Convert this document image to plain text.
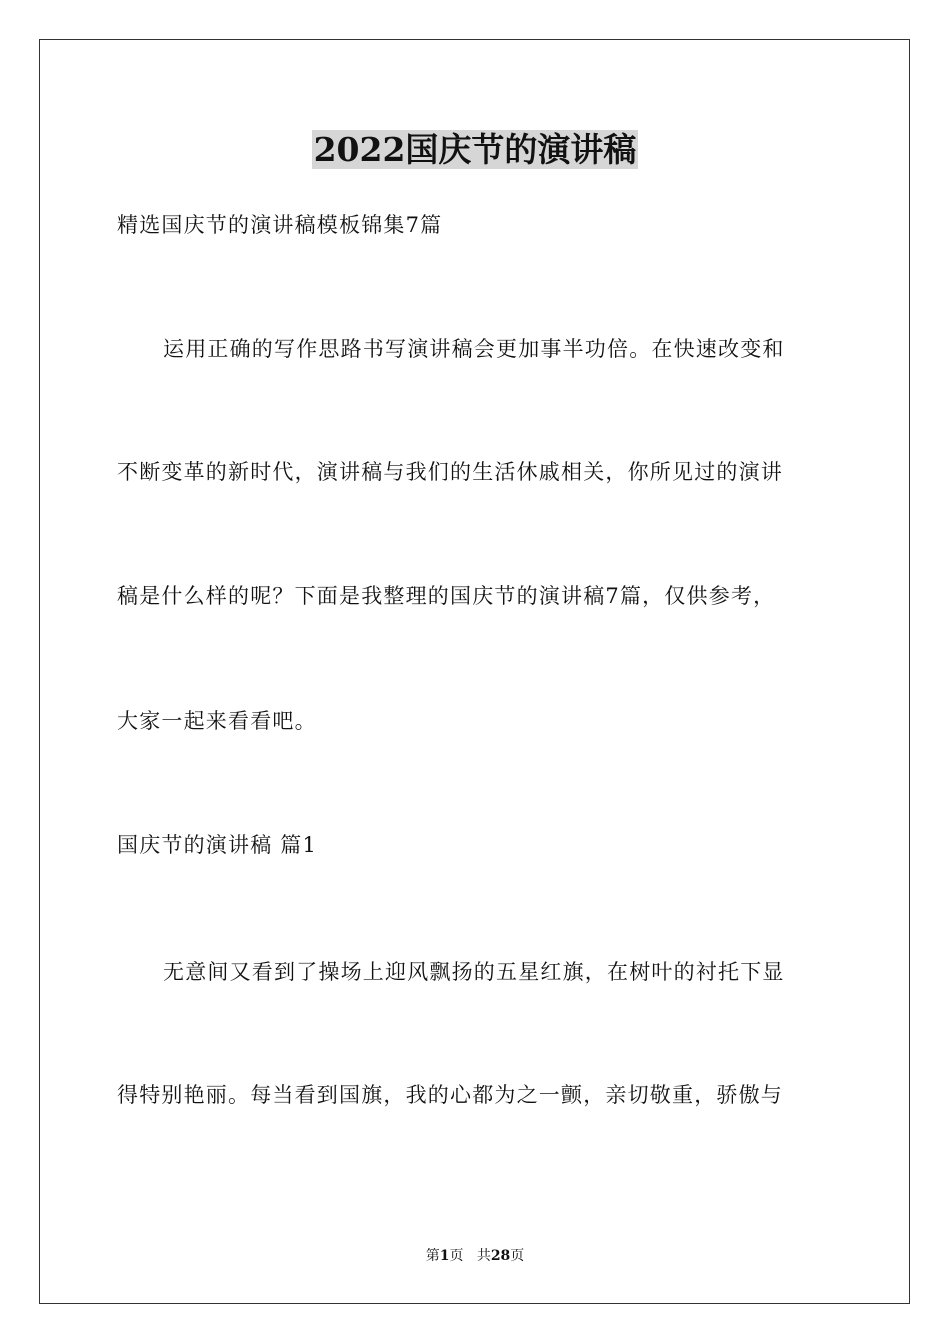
2022国庆节的演讲稿
精选国庆节的演讲稿模板锦集7篇
运用正确的写作思路书写演讲稿会更加事半功倍。在快速改变和
不断变革的新时代，演讲稿与我们的生活休戚相关，你所见过的演讲
稿是什么样的呢？下面是我整理的国庆节的演讲稿7篇，仅供参考，
大家一起来看看吧。
国庆节的演讲稿 篇1
无意间又看到了操场上迎风飘扬的五星红旗，在树叶的衬托下显
得特别艳丽。每当看到国旗，我的心都为之一颤，亲切敬重，骄傲与
第1页 共28页
